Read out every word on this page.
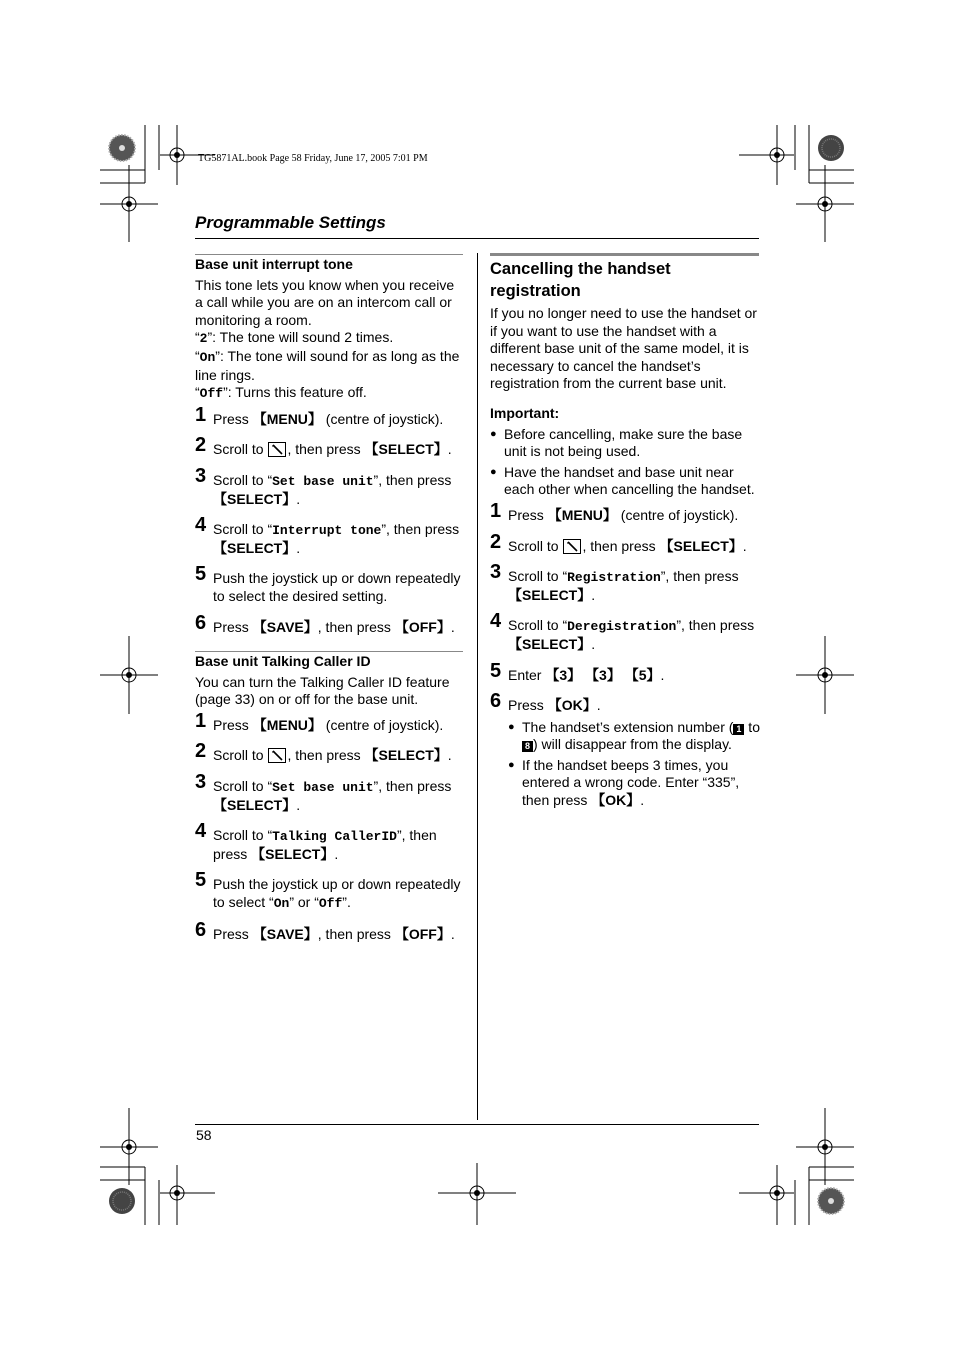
TG5871AL.book Page 58 Friday, June 17, 2005 7:01 PM
Programmable Settings

Base unit interrupt tone

This tone lets you know when you receive a call while you are on an intercom call or monitoring a room.

“2”: The tone will sound 2 times.

“On”: The tone will sound for as long as the line rings.

“Off”: Turns this feature off.

1 Press 【MENU】 (centre of joystick).
2 Scroll to
, then press 【SELECT】.
3 Scroll to “Set base unit”, then press 【SELECT】.
4 Scroll to “Interrupt tone”, then press 【SELECT】.
5 Push the joystick up or down repeatedly to select the desired setting.
6 Press 【SAVE】, then press 【OFF】.

Base unit Talking Caller ID

You can turn the Talking Caller ID feature (page 33) on or off for the base unit.

1 Press 【MENU】 (centre of joystick).
2 Scroll to
, then press 【SELECT】.
3 Scroll to “Set base unit”, then press 【SELECT】.
4 Scroll to “Talking CallerID”, then press 【SELECT】.
5 Push the joystick up or down repeatedly to select “On” or “Off”.
6 Press 【SAVE】, then press 【OFF】.

Cancelling the handset registration

If you no longer need to use the handset or if you want to use the handset with a different base unit of the same model, it is necessary to cancel the handset’s registration from the current base unit.

Important:

● Before cancelling, make sure the base unit is not being used.
● Have the handset and base unit near each other when cancelling the handset.
1 Press 【MENU】 (centre of joystick).
2 Scroll to
, then press 【SELECT】.
3 Scroll to “Registration”, then press 【SELECT】.
4 Scroll to “Deregistration”, then press 【SELECT】.
5 Enter 【3】 【3】 【5】.
6 Press 【OK】.
● The handset’s extension number ( 1 to 8 ) will disappear from the display.
● If the handset beeps 3 times, you entered a wrong code. Enter “335”, then press 【OK】.
58
